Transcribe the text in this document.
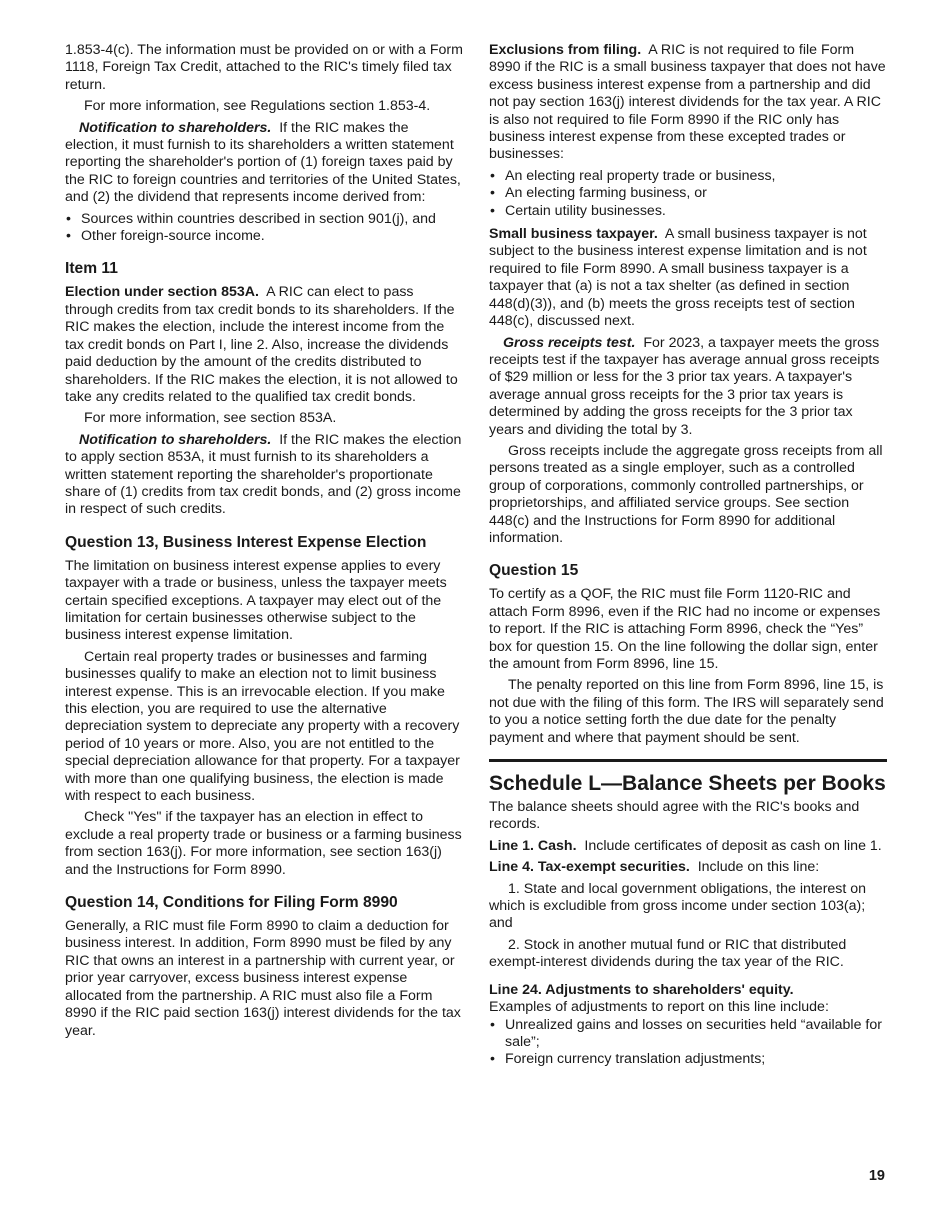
1.853-4(c). The information must be provided on or with a Form 1118, Foreign Tax Credit, attached to the RIC's timely filed tax return.

For more information, see Regulations section 1.853-4.

Notification to shareholders. If the RIC makes the election, it must furnish to its shareholders a written statement reporting the shareholder's portion of (1) foreign taxes paid by the RIC to foreign countries and territories of the United States, and (2) the dividend that represents income derived from:

• Sources within countries described in section 901(j), and

• Other foreign-source income.

Item 11

Election under section 853A. A RIC can elect to pass through credits from tax credit bonds to its shareholders. If the RIC makes the election, include the interest income from the tax credit bonds on Part I, line 2. Also, increase the dividends paid deduction by the amount of the credits distributed to shareholders. If the RIC makes the election, it is not allowed to take any credits related to the qualified tax credit bonds.

For more information, see section 853A.

Notification to shareholders. If the RIC makes the election to apply section 853A, it must furnish to its shareholders a written statement reporting the shareholder's proportionate share of (1) credits from tax credit bonds, and (2) gross income in respect of such credits.

Question 13, Business Interest Expense Election

The limitation on business interest expense applies to every taxpayer with a trade or business, unless the taxpayer meets certain specified exceptions. A taxpayer may elect out of the limitation for certain businesses otherwise subject to the business interest expense limitation.

Certain real property trades or businesses and farming businesses qualify to make an election not to limit business interest expense. This is an irrevocable election. If you make this election, you are required to use the alternative depreciation system to depreciate any property with a recovery period of 10 years or more. Also, you are not entitled to the special depreciation allowance for that property. For a taxpayer with more than one qualifying business, the election is made with respect to each business.

Check "Yes" if the taxpayer has an election in effect to exclude a real property trade or business or a farming business from section 163(j). For more information, see section 163(j) and the Instructions for Form 8990.

Question 14, Conditions for Filing Form 8990

Generally, a RIC must file Form 8990 to claim a deduction for business interest. In addition, Form 8990 must be filed by any RIC that owns an interest in a partnership with current year, or prior year carryover, excess business interest expense allocated from the partnership. A RIC must also file a Form 8990 if the RIC paid section 163(j) interest dividends for the tax year.

Exclusions from filing. A RIC is not required to file Form 8990 if the RIC is a small business taxpayer that does not have excess business interest expense from a partnership and did not pay section 163(j) interest dividends for the tax year. A RIC is also not required to file Form 8990 if the RIC only has business interest expense from these excepted trades or businesses:

• An electing real property trade or business,

• An electing farming business, or

• Certain utility businesses.

Small business taxpayer. A small business taxpayer is not subject to the business interest expense limitation and is not required to file Form 8990. A small business taxpayer is a taxpayer that (a) is not a tax shelter (as defined in section 448(d)(3)), and (b) meets the gross receipts test of section 448(c), discussed next.

Gross receipts test. For 2023, a taxpayer meets the gross receipts test if the taxpayer has average annual gross receipts of $29 million or less for the 3 prior tax years. A taxpayer's average annual gross receipts for the 3 prior tax years is determined by adding the gross receipts for the 3 prior tax years and dividing the total by 3.

Gross receipts include the aggregate gross receipts from all persons treated as a single employer, such as a controlled group of corporations, commonly controlled partnerships, or proprietorships, and affiliated service groups. See section 448(c) and the Instructions for Form 8990 for additional information.

Question 15

To certify as a QOF, the RIC must file Form 1120-RIC and attach Form 8996, even if the RIC had no income or expenses to report. If the RIC is attaching Form 8996, check the “Yes” box for question 15. On the line following the dollar sign, enter the amount from Form 8996, line 15.

The penalty reported on this line from Form 8996, line 15, is not due with the filing of this form. The IRS will separately send to you a notice setting forth the due date for the penalty payment and where that payment should be sent.

Schedule L—Balance Sheets per Books

The balance sheets should agree with the RIC's books and records.

Line 1. Cash. Include certificates of deposit as cash on line 1.

Line 4. Tax-exempt securities. Include on this line:

1. State and local government obligations, the interest on which is excludible from gross income under section 103(a); and

2. Stock in another mutual fund or RIC that distributed exempt-interest dividends during the tax year of the RIC.

Line 24. Adjustments to shareholders' equity.

Examples of adjustments to report on this line include:

• Unrealized gains and losses on securities held “available for sale”;

• Foreign currency translation adjustments;

19
